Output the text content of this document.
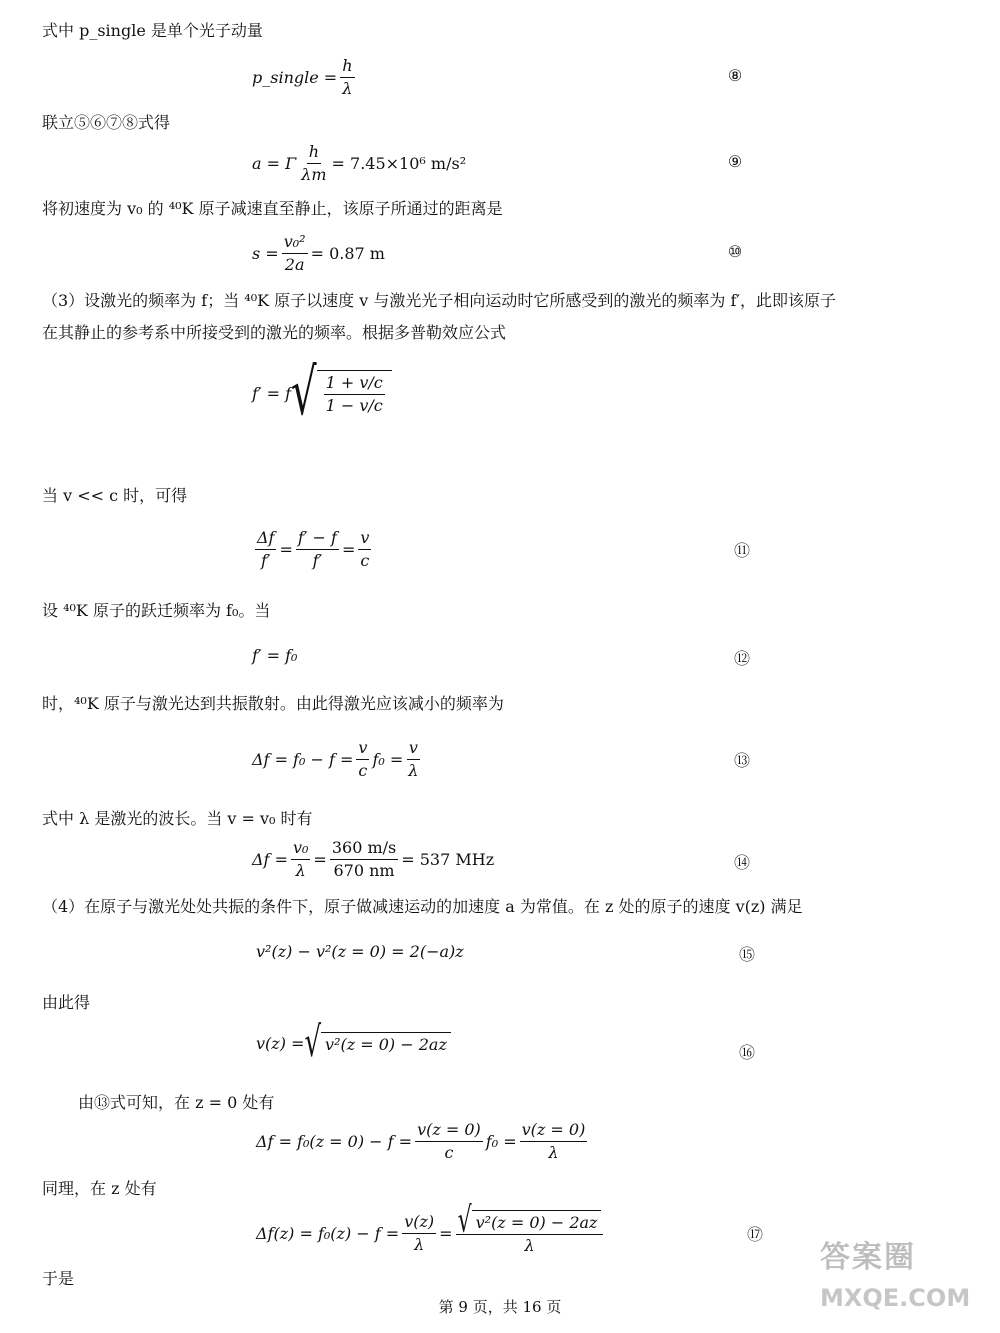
式中 p_single 是单个光子动量
联立⑤⑥⑦⑧式得
将初速度为 v₀ 的 ⁴⁰K 原子减速直至静止，该原子所通过的距离是
（3）设激光的频率为 f；当 ⁴⁰K 原子以速度 v 与激光光子相向运动时它所感受到的激光的频率为 f′，此即该原子
在其静止的参考系中所接受到的激光的频率。根据多普勒效应公式
当 v << c 时，可得
设 ⁴⁰K 原子的跃迁频率为 f₀。当
时，⁴⁰K 原子与激光达到共振散射。由此得激光应该减小的频率为
式中 λ 是激光的波长。当 v = v₀ 时有
（4）在原子与激光处处共振的条件下，原子做减速运动的加速度 a 为常值。在 z 处的原子的速度 v(z) 满足
由此得
由⑬式可知，在 z = 0 处有
同理，在 z 处有
于是
p_single = $\frac{h}{\lambda}$	⑧
a = Γ $\frac{h}{\lambda m} = 7.45\times 10^6$ m/s²	⑨
$s = \frac{\text{v₀²}}{2a} = 0.87$ m	⑩
f′ = f √ $\frac{1 + v/c}{1 - v/c}$
$\frac{\Delta f}{f'} = \frac{f' - f}{f'} = \frac{v}{c}$	⑪
f′ = f₀	⑫
$\Delta f = f_0 - f = \frac{v}{c} f_0 = \frac{v}{\lambda}$	⑬
$\Delta f = \frac{\text{v₀}}{\lambda} = \frac{360 m/s}{670 nm} = 537$ MHz	⑭
v²(z) − v²(z = 0) = 2(−a)z	⑮
v(z) = √ v²(z = 0) − 2az	⑯
$\Delta f = f_0(z = 0) - f = \frac{v(z = 0)}{c} f_0 = \frac{v(z = 0)}{\lambda}$
$\Delta f(z) = f_0(z) - f = \frac{v(z)}{\lambda} = \frac{\text{√ v²(z = 0) − 2az}}{\lambda}$	⑰
答案圈
MXQE.COM
第 9 页，共 16 页
